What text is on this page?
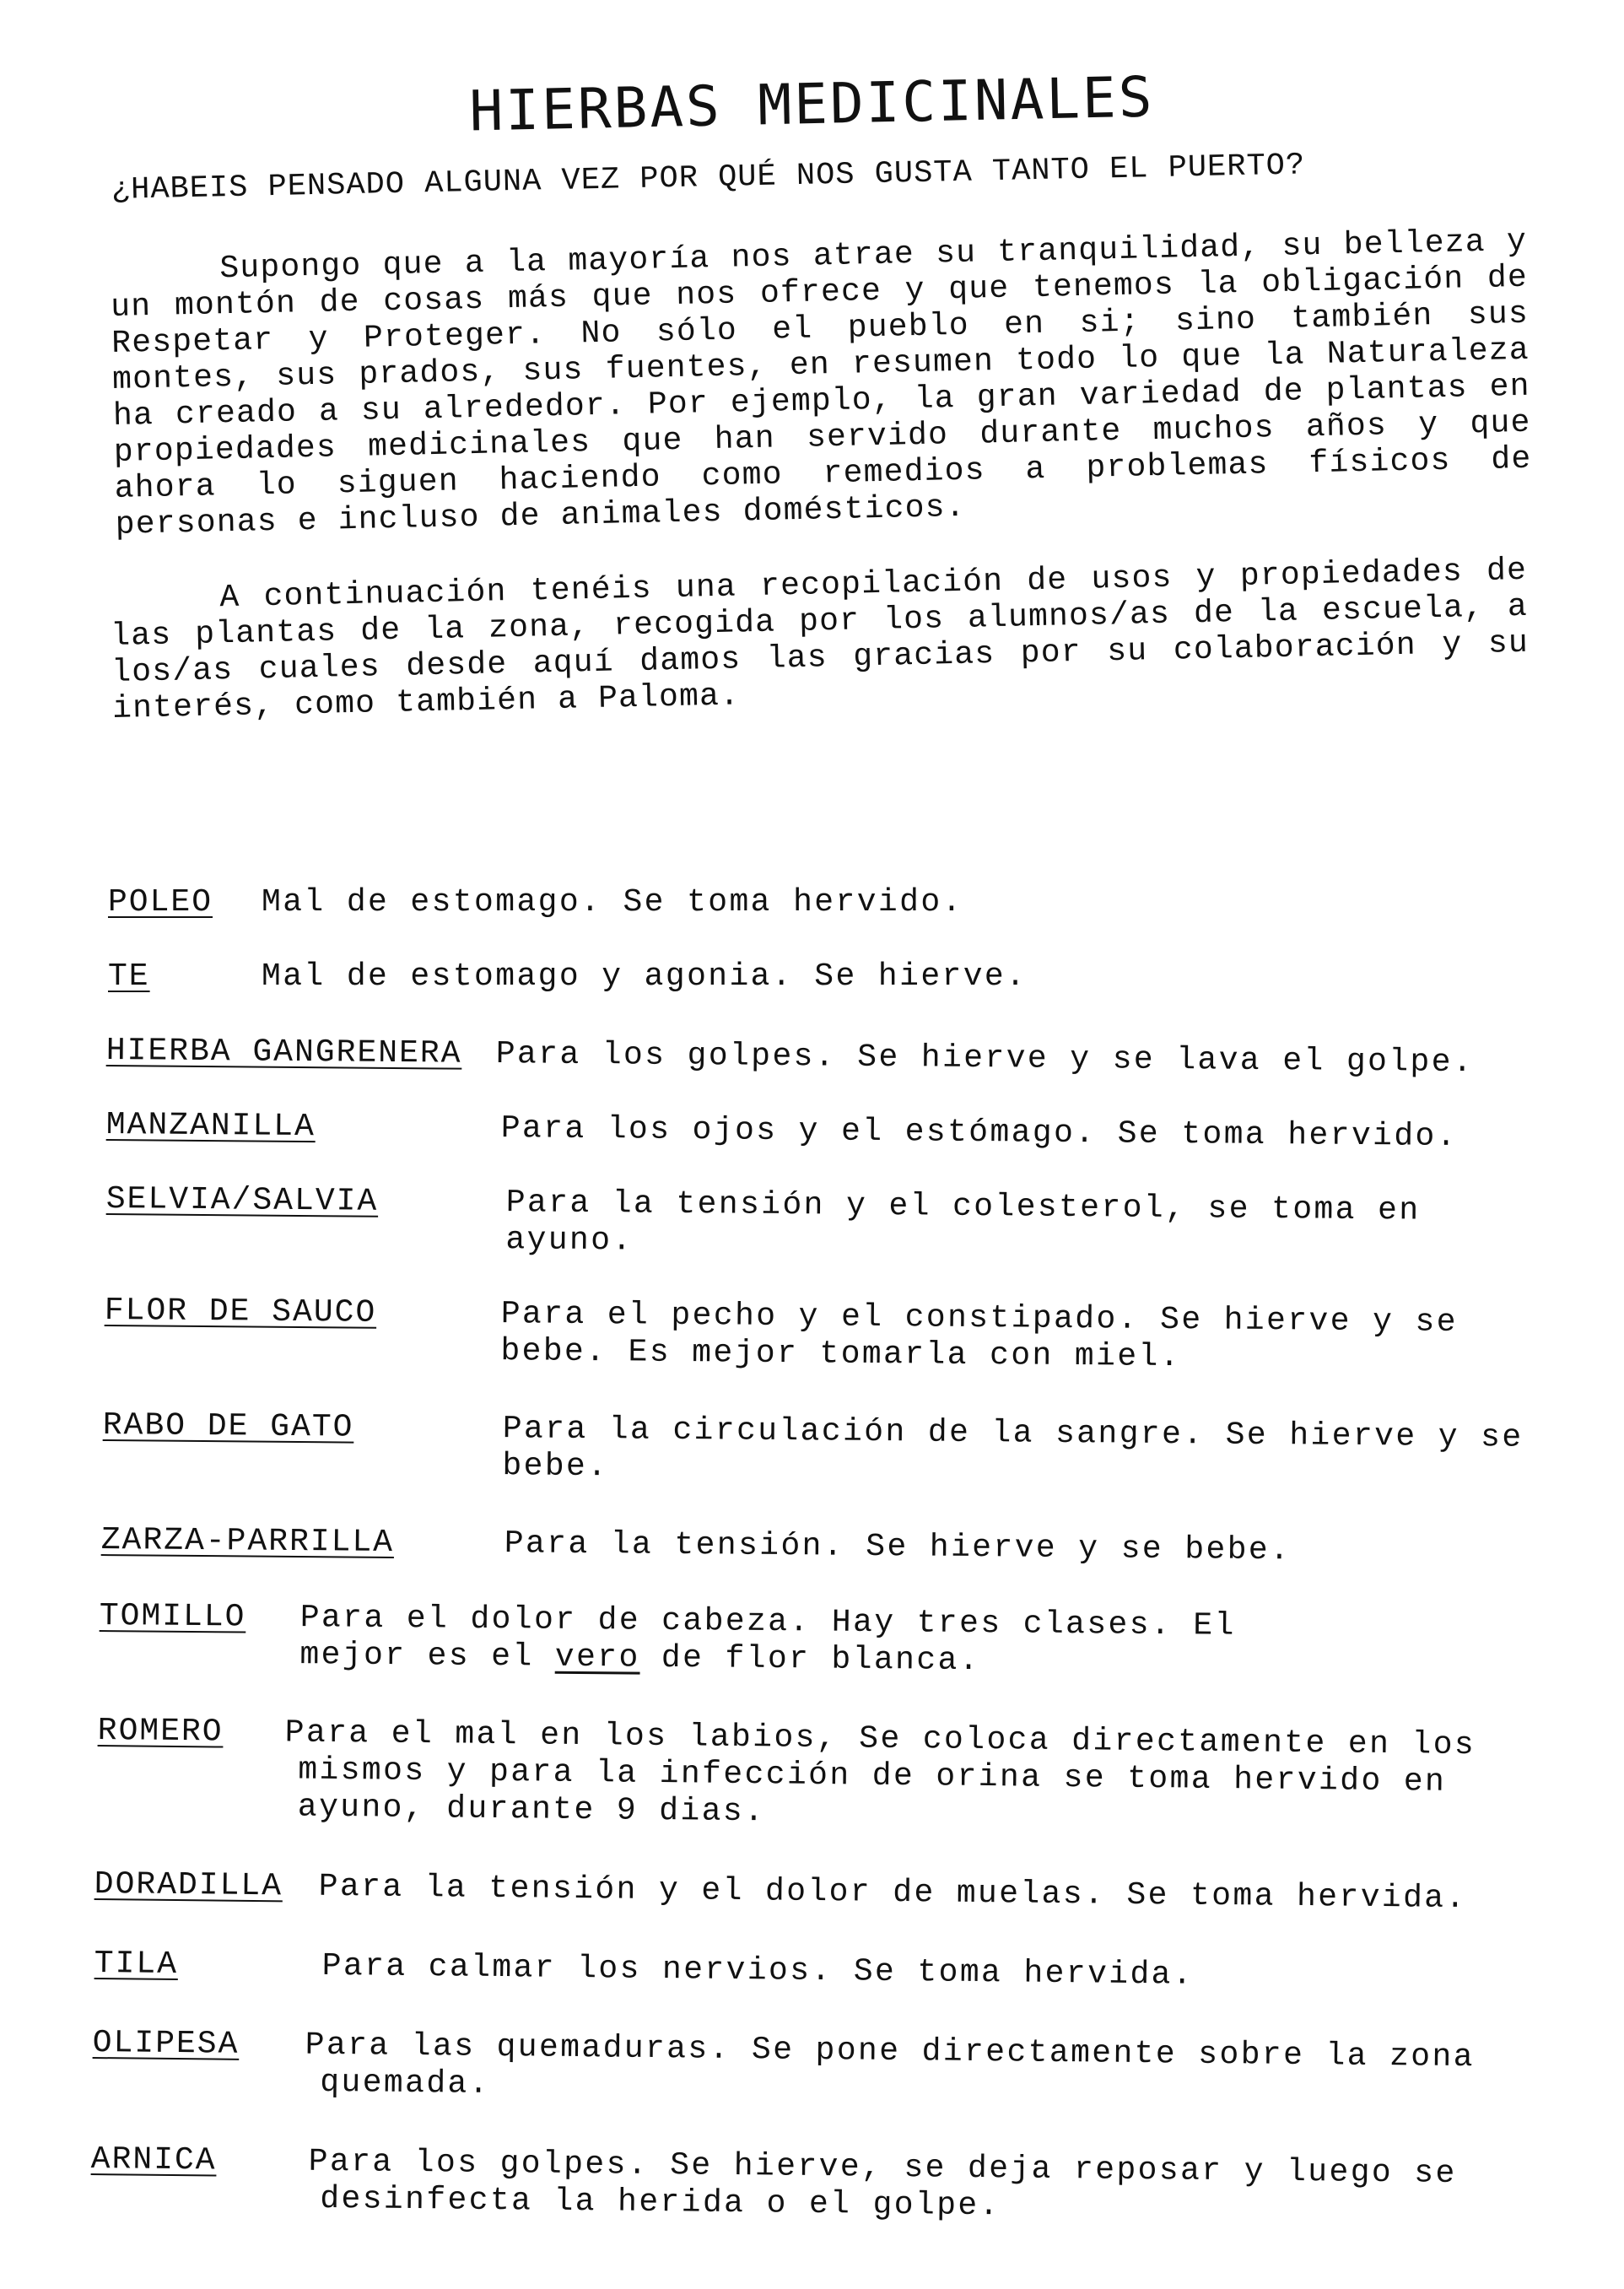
HIERBAS MEDICINALES
¿HABEIS PENSADO ALGUNA VEZ POR QUÉ NOS GUSTA TANTO EL PUERTO?
Supongo que a la mayoría nos atrae su tranquilidad, su belleza y un montón de cosas más que nos ofrece y que tenemos la obligación de Respetar y Proteger. No sólo el pueblo en si; sino también sus montes, sus prados, sus fuentes, en resumen todo lo que la Naturaleza ha creado a su alrededor. Por ejemplo, la gran variedad de plantas en propiedades medicinales que han servido durante muchos años y que ahora lo siguen haciendo como remedios a problemas físicos de personas e incluso de animales domésticos.
A continuación tenéis una recopilación de usos y propiedades de las plantas de la zona, recogida por los alumnos/as de la escuela, a los/as cuales desde aquí damos las gracias por su colaboración y su interés, como también a Paloma.
POLEO Mal de estomago. Se toma hervido.
TE	Mal de estomago y agonia. Se hierve.
HIERBA GANGRENERA Para los golpes. Se hierve y se lava el golpe.
MANZANILLA	Para los ojos y el estómago. Se toma hervido.
SELVIA/SALVIA	Para la tensión y el colesterol, se toma en ayuno.
FLOR DE SAUCO	Para el pecho y el constipado. Se hierve y se bebe. Es mejor tomarla con miel.
RABO DE GATO	Para la circulación de la sangre. Se hierve y se bebe.
ZARZA-PARRILLA	Para la tensión. Se hierve y se bebe.
TOMILLO Para el dolor de cabeza. Hay tres clases. El mejor es el vero de flor blanca.
ROMERO Para el mal en los labios, Se coloca directamente en los mismos y para la infección de orina se toma hervido en ayuno, durante 9 dias.
DORADILLA Para la tensión y el dolor de muelas. Se toma hervida.
TILA	Para calmar los nervios. Se toma hervida.
OLIPESA Para las quemaduras. Se pone directamente sobre la zona quemada.
ARNICA	Para los golpes. Se hierve, se deja reposar y luego se desinfecta la herida o el golpe.
